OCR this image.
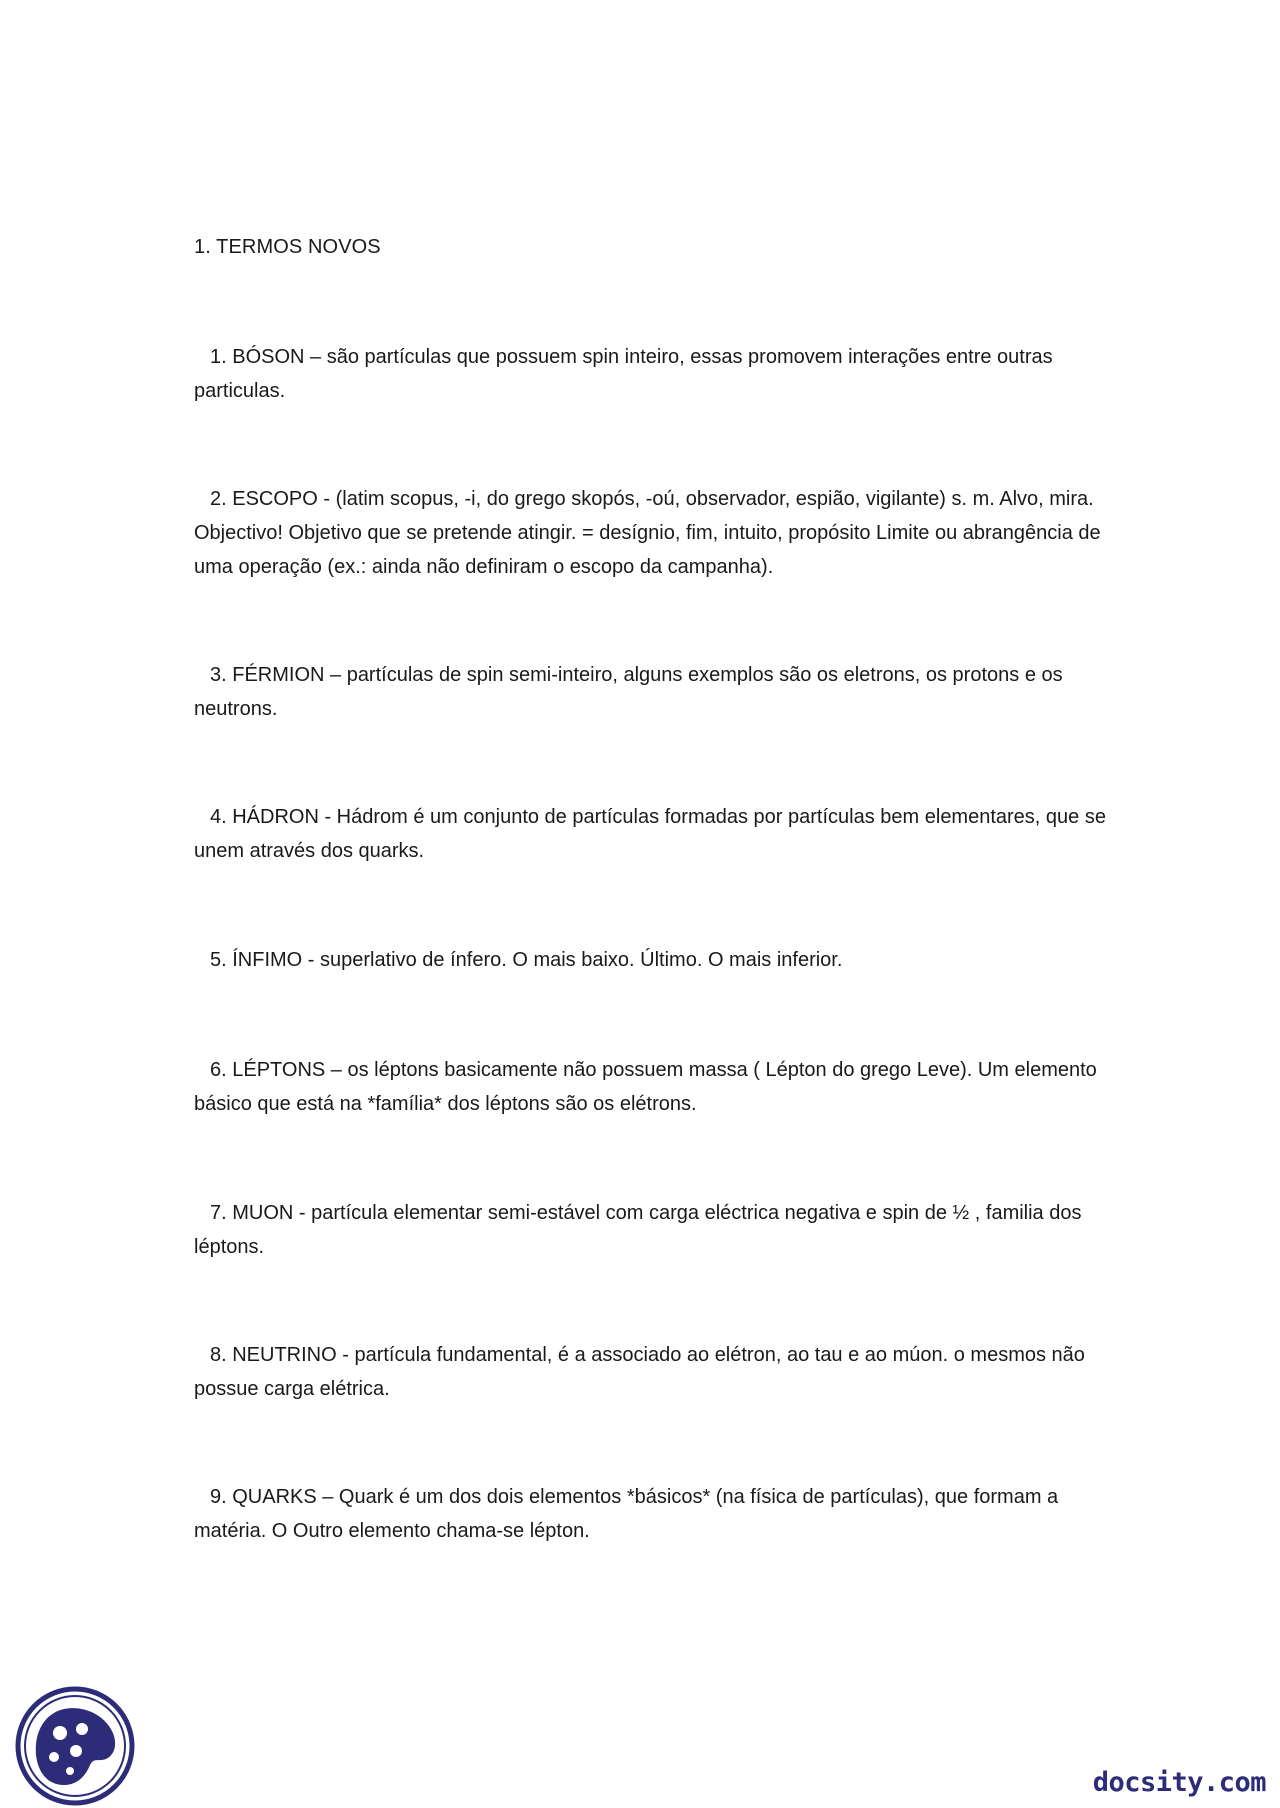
1. TERMOS NOVOS

1. BÓSON – são partículas que possuem spin inteiro, essas promovem interações entre outras particulas.

2. ESCOPO - (latim scopus, -i, do grego skopós, -oú, observador, espião, vigilante) s. m. Alvo, mira. Objectivo! Objetivo que se pretende atingir. = desígnio, fim, intuito, propósito Limite ou abrangência de uma operação (ex.: ainda não definiram o escopo da campanha).

3. FÉRMION – partículas de spin semi-inteiro, alguns exemplos são os eletrons, os protons e os neutrons.

4. HÁDRON - Hádrom é um conjunto de partículas formadas por partículas bem elementares, que se unem através dos quarks.

5. ÍNFIMO - superlativo de ínfero. O mais baixo. Último. O mais inferior.

6. LÉPTONS – os léptons basicamente não possuem massa ( Lépton do grego Leve). Um elemento básico que está na *família* dos léptons são os elétrons.

7. MUON - partícula elementar semi-estável com carga eléctrica negativa e spin de ½ , familia dos léptons.

8. NEUTRINO - partícula fundamental, é a associado ao elétron, ao tau e ao múon. o mesmos não possue carga elétrica.

9. QUARKS – Quark é um dos dois elementos *básicos* (na física de partículas), que formam a matéria. O Outro elemento chama-se lépton.

docsity.com
